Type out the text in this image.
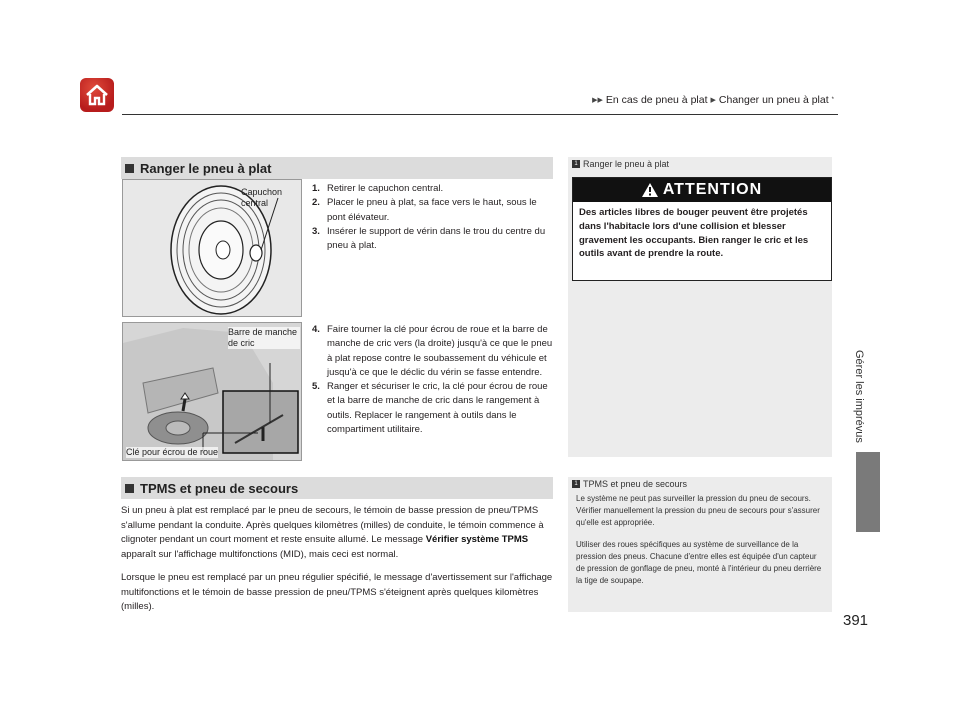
▶▶ En cas de pneu à plat ▶ Changer un pneu à plat *
Gérer les imprévus
391
Ranger le pneu à plat
Capuchon central
1. Retirer le capuchon central.
2. Placer le pneu à plat, sa face vers le haut, sous le pont élévateur.
3. Insérer le support de vérin dans le trou du centre du pneu à plat.
Barre de manche de cric
Clé pour écrou de roue
4. Faire tourner la clé pour écrou de roue et la barre de manche de cric vers (la droite) jusqu'à ce que le pneu à plat repose contre le soubassement du véhicule et jusqu'à ce que le déclic du vérin se fasse entendre.
5. Ranger et sécuriser le cric, la clé pour écrou de roue et la barre de manche de cric dans le rangement à outils. Replacer le rangement à outils dans le compartiment utilitaire.
TPMS et pneu de secours
Si un pneu à plat est remplacé par le pneu de secours, le témoin de basse pression de pneu/TPMS s'allume pendant la conduite. Après quelques kilomètres (milles) de conduite, le témoin commence à clignoter pendant un court moment et reste ensuite allumé. Le message Vérifier système TPMS apparaît sur l'affichage multifonctions (MID), mais ceci est normal.
Lorsque le pneu est remplacé par un pneu régulier spécifié, le message d'avertissement sur l'affichage multifonctions et le témoin de basse pression de pneu/TPMS s'éteignent après quelques kilomètres (milles).
1 Ranger le pneu à plat
ATTENTION
Des articles libres de bouger peuvent être projetés dans l'habitacle lors d'une collision et blesser gravement les occupants. Bien ranger le cric et les outils avant de prendre la route.
1 TPMS et pneu de secours
Le système ne peut pas surveiller la pression du pneu de secours. Vérifier manuellement la pression du pneu de secours pour s'assurer qu'elle est appropriée.
Utiliser des roues spécifiques au système de surveillance de la pression des pneus. Chacune d'entre elles est équipée d'un capteur de pression de gonflage de pneu, monté à l'intérieur du pneu derrière la tige de soupape.
